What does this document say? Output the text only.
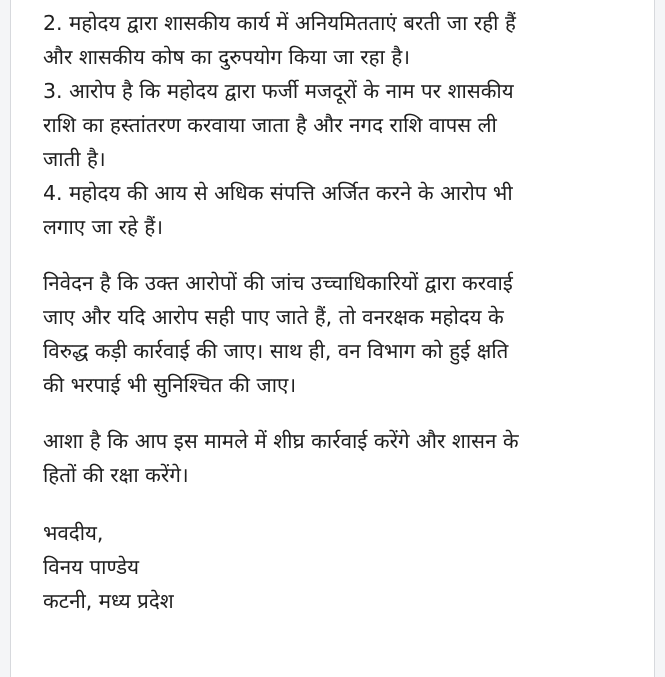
2. महोदय द्वारा शासकीय कार्य में अनियमितताएं बरती जा रही हैं
और शासकीय कोष का दुरुपयोग किया जा रहा है।

3. आरोप है कि महोदय द्वारा फर्जी मजदूरों के नाम पर शासकीय
राशि का हस्तांतरण करवाया जाता है और नगद राशि वापस ली
जाती है।

4. महोदय की आय से अधिक संपत्ति अर्जित करने के आरोप भी
लगाए जा रहे हैं।

निवेदन है कि उक्त आरोपों की जांच उच्चाधिकारियों द्वारा करवाई
जाए और यदि आरोप सही पाए जाते हैं, तो वनरक्षक महोदय के
विरुद्ध कड़ी कार्रवाई की जाए। साथ ही, वन विभाग को हुई क्षति
की भरपाई भी सुनिश्चित की जाए।

आशा है कि आप इस मामले में शीघ्र कार्रवाई करेंगे और शासन के
हितों की रक्षा करेंगे।

भवदीय,
विनय पाण्डेय
कटनी, मध्य प्रदेश
